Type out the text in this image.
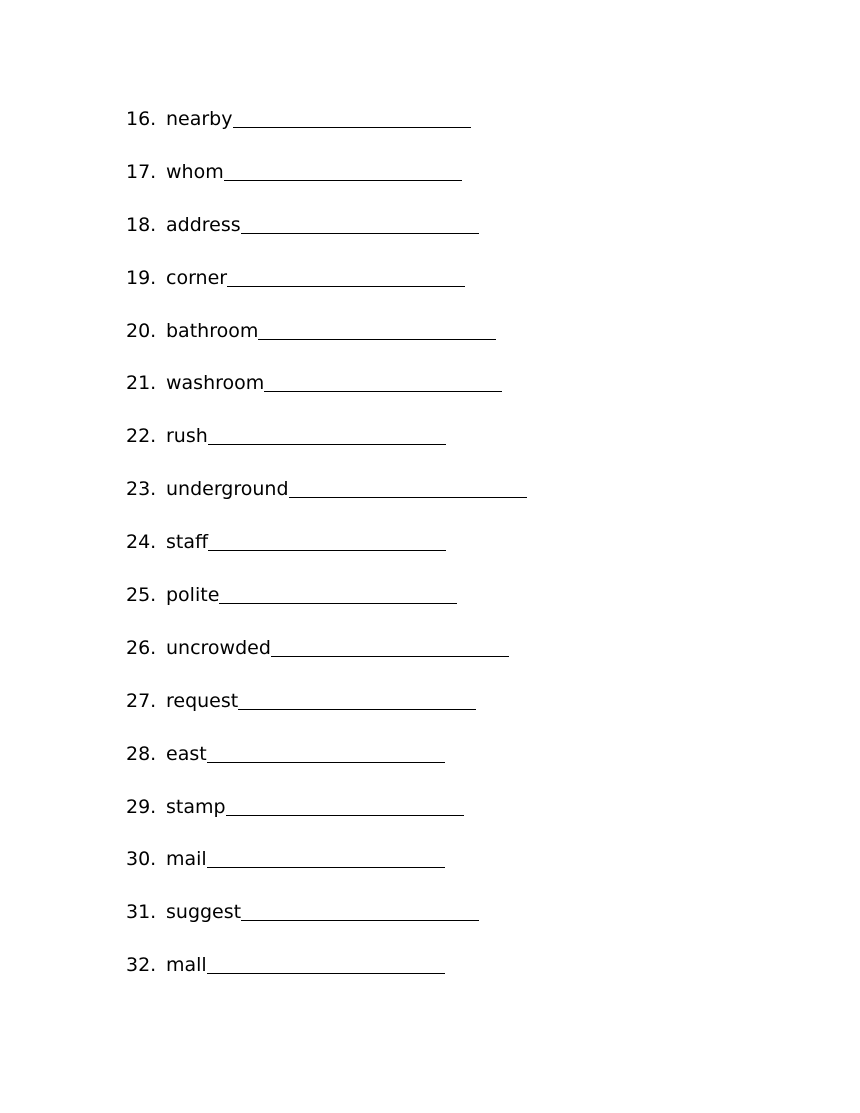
16. nearby
17. whom
18. address
19. corner
20. bathroom
21. washroom
22. rush
23. underground
24. staff
25. polite
26. uncrowded
27. request
28. east
29. stamp
30. mail
31. suggest
32. mall
